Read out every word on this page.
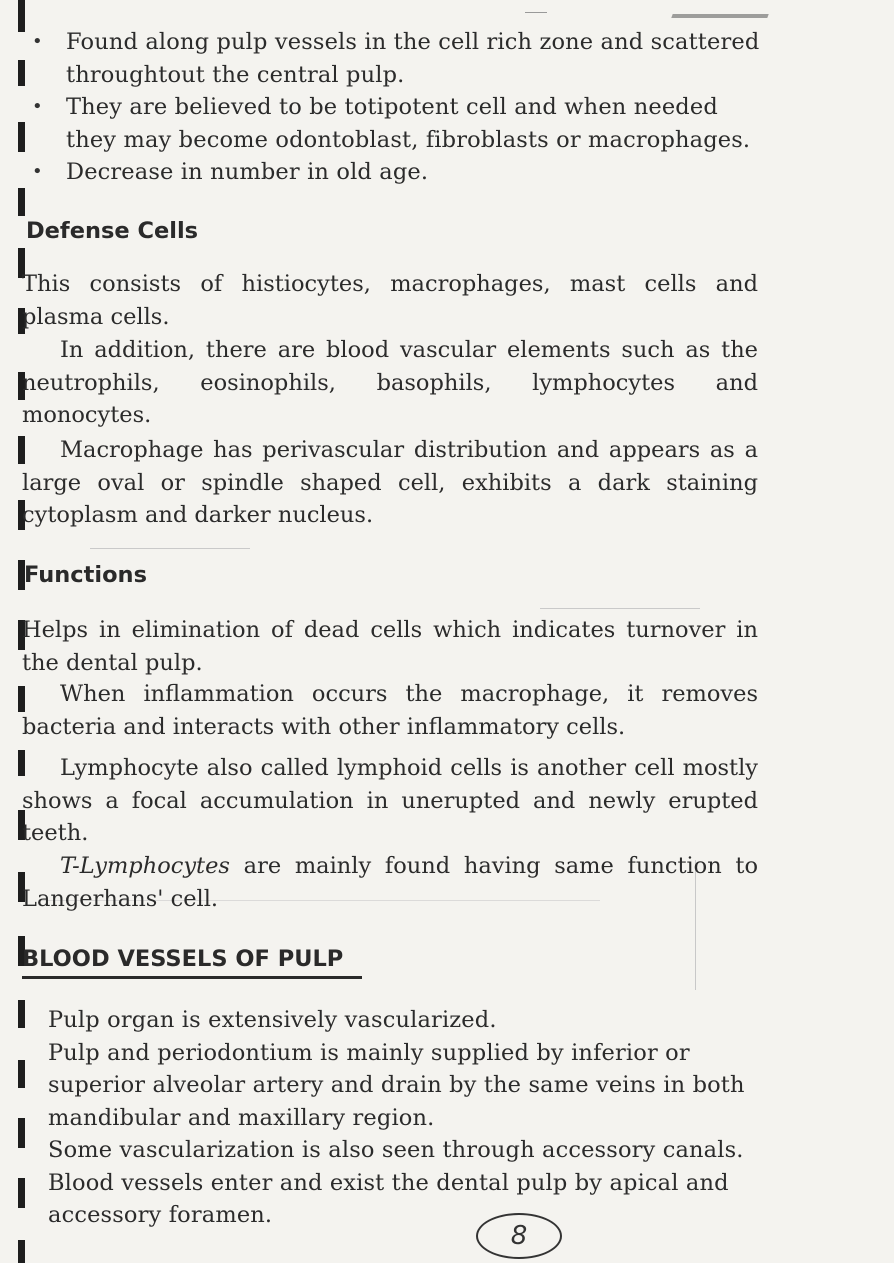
• Found along pulp vessels in the cell rich zone and scattered throughtout the central pulp.
• They are believed to be totipotent cell and when needed they may become odontoblast, fibroblasts or macrophages.
• Decrease in number in old age.
Defense Cells

This consists of histiocytes, macrophages, mast cells and plasma cells.

In addition, there are blood vascular elements such as the neutrophils, eosinophils, basophils, lymphocytes and monocytes.

Macrophage has perivascular distribution and appears as a large oval or spindle shaped cell, exhibits a dark staining cytoplasm and darker nucleus.

Functions

Helps in elimination of dead cells which indicates turnover in the dental pulp.

When inflammation occurs the macrophage, it removes bacteria and interacts with other inflammatory cells.

Lymphocyte also called lymphoid cells is another cell mostly shows a focal accumulation in unerupted and newly erupted teeth.

T-Lymphocytes are mainly found having same function to Langerhans' cell.

BLOOD VESSELS OF PULP
Pulp organ is extensively vascularized.
Pulp and periodontium is mainly supplied by inferior or superior alveolar artery and drain by the same veins in both mandibular and maxillary region.
Some vascularization is also seen through accessory canals.
Blood vessels enter and exist the dental pulp by apical and accessory foramen.
8
